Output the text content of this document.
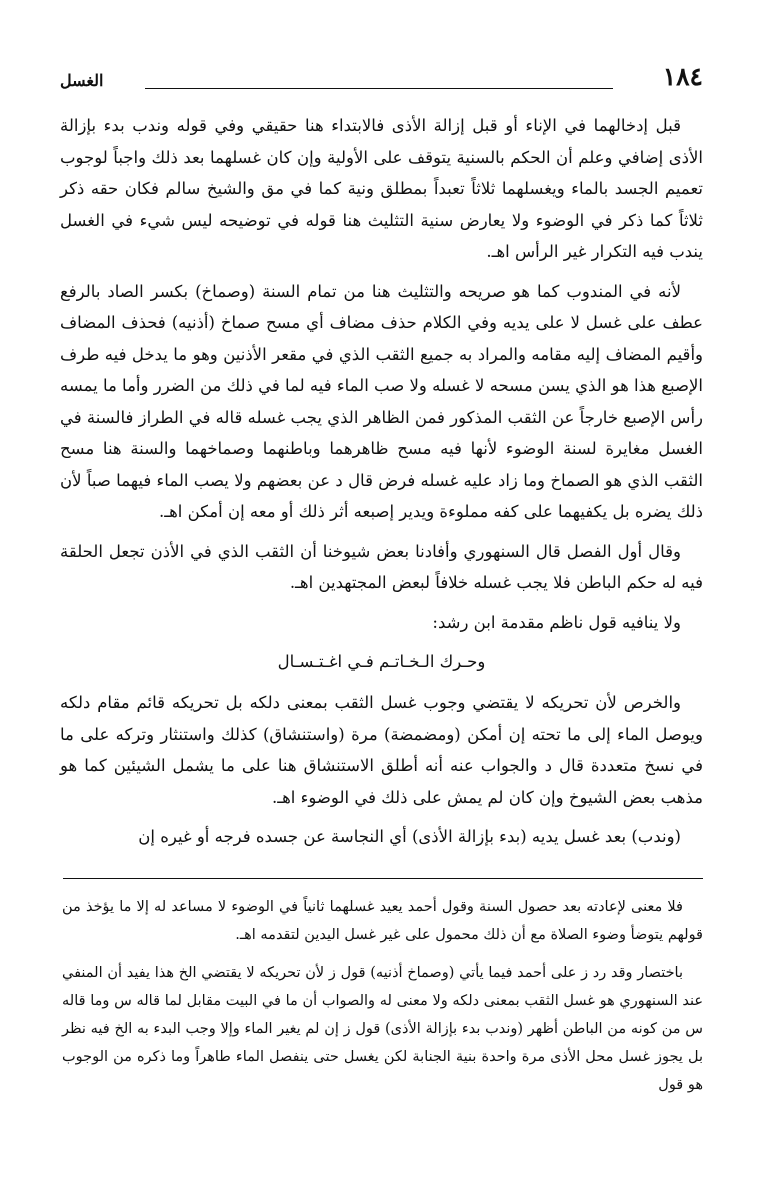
١٨٤
الغسل

قبل إدخالهما في الإناء أو قبل إزالة الأذى فالابتداء هنا حقيقي وفي قوله وندب بدء بإزالة الأذى إضافي وعلم أن الحكم بالسنية يتوقف على الأولية وإن كان غسلهما بعد ذلك واجباً لوجوب تعميم الجسد بالماء ويغسلهما ثلاثاً تعبداً بمطلق ونية كما في مق والشيخ سالم فكان حقه ذكر ثلاثاً كما ذكر في الوضوء ولا يعارض سنية التثليث هنا قوله في توضيحه ليس شيء في الغسل يندب فيه التكرار غير الرأس اهـ.

لأنه في المندوب كما هو صريحه والتثليث هنا من تمام السنة (وصماخ) بكسر الصاد بالرفع عطف على غسل لا على يديه وفي الكلام حذف مضاف أي مسح صماخ (أذنيه) فحذف المضاف وأقيم المضاف إليه مقامه والمراد به جميع الثقب الذي في مقعر الأذنين وهو ما يدخل فيه طرف الإصبع هذا هو الذي يسن مسحه لا غسله ولا صب الماء فيه لما في ذلك من الضرر وأما ما يمسه رأس الإصبع خارجاً عن الثقب المذكور فمن الظاهر الذي يجب غسله قاله في الطراز فالسنة في الغسل مغايرة لسنة الوضوء لأنها فيه مسح ظاهرهما وباطنهما وصماخهما والسنة هنا مسح الثقب الذي هو الصماخ وما زاد عليه غسله فرض قال د عن بعضهم ولا يصب الماء فيهما صباً لأن ذلك يضره بل يكفيهما على كفه مملوءة ويدير إصبعه أثر ذلك أو معه إن أمكن اهـ.

وقال أول الفصل قال السنهوري وأفادنا بعض شيوخنا أن الثقب الذي في الأذن تجعل الحلقة فيه له حكم الباطن فلا يجب غسله خلافاً لبعض المجتهدين اهـ.

ولا ينافيه قول ناظم مقدمة ابن رشد:

وحـرك الـخـاتـم فـي اغـتـسـال

والخرص لأن تحريكه لا يقتضي وجوب غسل الثقب بمعنى دلكه بل تحريكه قائم مقام دلكه ويوصل الماء إلى ما تحته إن أمكن (ومضمضة) مرة (واستنشاق) كذلك واستنثار وتركه على ما في نسخ متعددة قال د والجواب عنه أنه أطلق الاستنشاق هنا على ما يشمل الشيئين كما هو مذهب بعض الشيوخ وإن كان لم يمش على ذلك في الوضوء اهـ.

(وندب) بعد غسل يديه (بدء بإزالة الأذى) أي النجاسة عن جسده فرجه أو غيره إن

فلا معنى لإعادته بعد حصول السنة وقول أحمد يعيد غسلهما ثانياً في الوضوء لا مساعد له إلا ما يؤخذ من قولهم يتوضأ وضوء الصلاة مع أن ذلك محمول على غير غسل اليدين لتقدمه اهـ.

باختصار وقد رد ز على أحمد فيما يأتي (وصماخ أذنيه) قول ز لأن تحريكه لا يقتضي الخ هذا يفيد أن المنفي عند السنهوري هو غسل الثقب بمعنى دلكه ولا معنى له والصواب أن ما في البيت مقابل لما قاله س وما قاله س من كونه من الباطن أظهر (وندب بدء بإزالة الأذى) قول ز إن لم يغير الماء وإلا وجب البدء به الخ فيه نظر بل يجوز غسل محل الأذى مرة واحدة بنية الجنابة لكن يغسل حتى ينفصل الماء طاهراً وما ذكره من الوجوب هو قول
